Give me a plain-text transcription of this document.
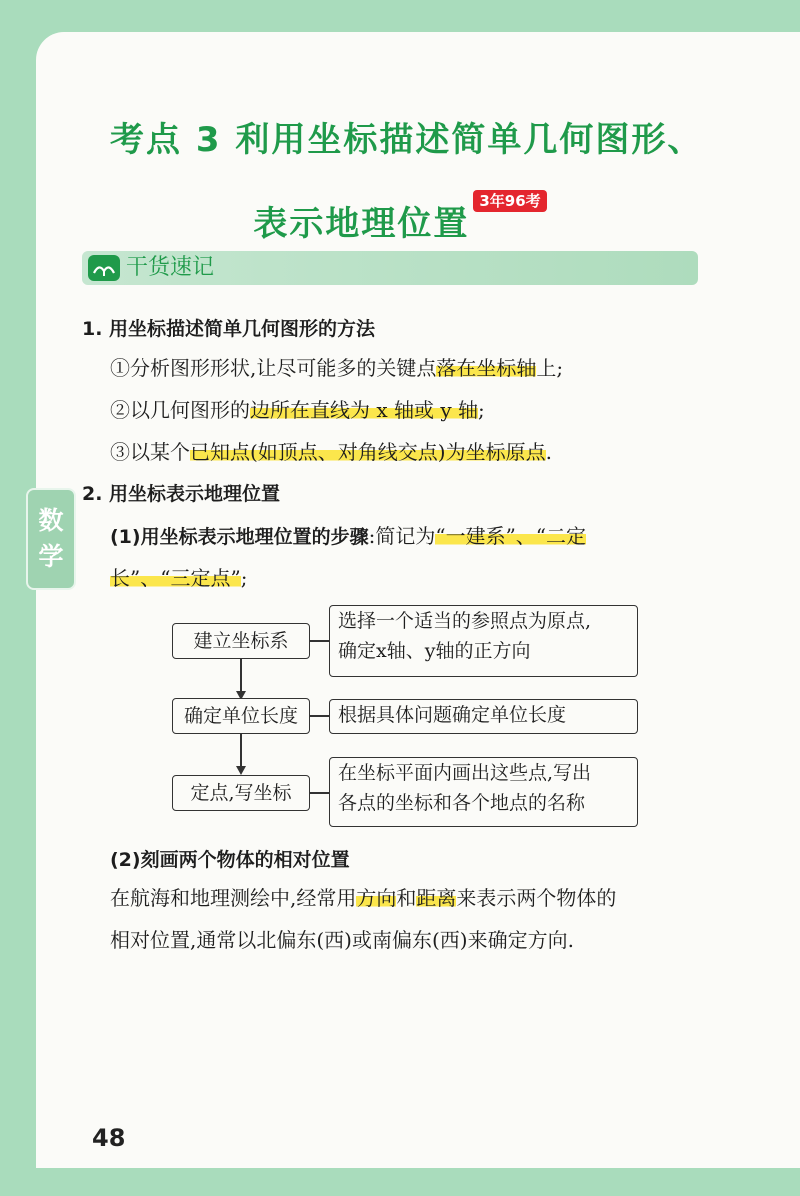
数
学
考点 3 利用坐标描述简单几何图形、
表示地理位置3年96考
干货速记
1. 用坐标描述简单几何图形的方法
①分析图形形状,让尽可能多的关键点落在坐标轴上;
②以几何图形的边所在直线为 x 轴或 y 轴;
③以某个已知点(如顶点、对角线交点)为坐标原点.
2. 用坐标表示地理位置
(1)用坐标表示地理位置的步骤:简记为“一建系”、“二定
长”、“三定点”;
建立坐标系
选择一个适当的参照点为原点,
确定x轴、y轴的正方向
确定单位长度	根据具体问题确定单位长度
定点,写坐标
在坐标平面内画出这些点,写出
各点的坐标和各个地点的名称
(2)刻画两个物体的相对位置
在航海和地理测绘中,经常用方向和距离来表示两个物体的
相对位置,通常以北偏东(西)或南偏东(西)来确定方向.
48
